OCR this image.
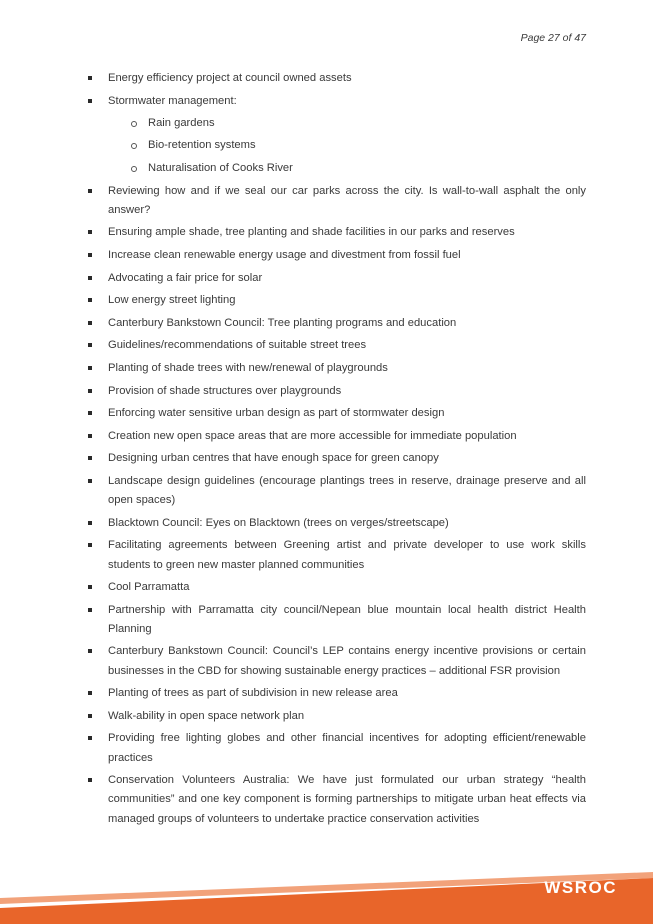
Page 27 of 47
Energy efficiency project at council owned assets
Stormwater management:
Rain gardens
Bio-retention systems
Naturalisation of Cooks River
Reviewing how and if we seal our car parks across the city. Is wall-to-wall asphalt the only answer?
Ensuring ample shade, tree planting and shade facilities in our parks and reserves
Increase clean renewable energy usage and divestment from fossil fuel
Advocating a fair price for solar
Low energy street lighting
Canterbury Bankstown Council: Tree planting programs and education
Guidelines/recommendations of suitable street trees
Planting of shade trees with new/renewal of playgrounds
Provision of shade structures over playgrounds
Enforcing water sensitive urban design as part of stormwater design
Creation new open space areas that are more accessible for immediate population
Designing urban centres that have enough space for green canopy
Landscape design guidelines (encourage plantings trees in reserve, drainage preserve and all open spaces)
Blacktown Council: Eyes on Blacktown (trees on verges/streetscape)
Facilitating agreements between Greening artist and private developer to use work skills students to green new master planned communities
Cool Parramatta
Partnership with Parramatta city council/Nepean blue mountain local health district Health Planning
Canterbury Bankstown Council: Council’s LEP contains energy incentive provisions or certain businesses in the CBD for showing sustainable energy practices – additional FSR provision
Planting of trees as part of subdivision in new release area
Walk-ability in open space network plan
Providing free lighting globes and other financial incentives for adopting efficient/renewable practices
Conservation Volunteers Australia: We have just formulated our urban strategy “health communities” and one key component is forming partnerships to mitigate urban heat effects via managed groups of volunteers to undertake practice conservation activities
WSROC
